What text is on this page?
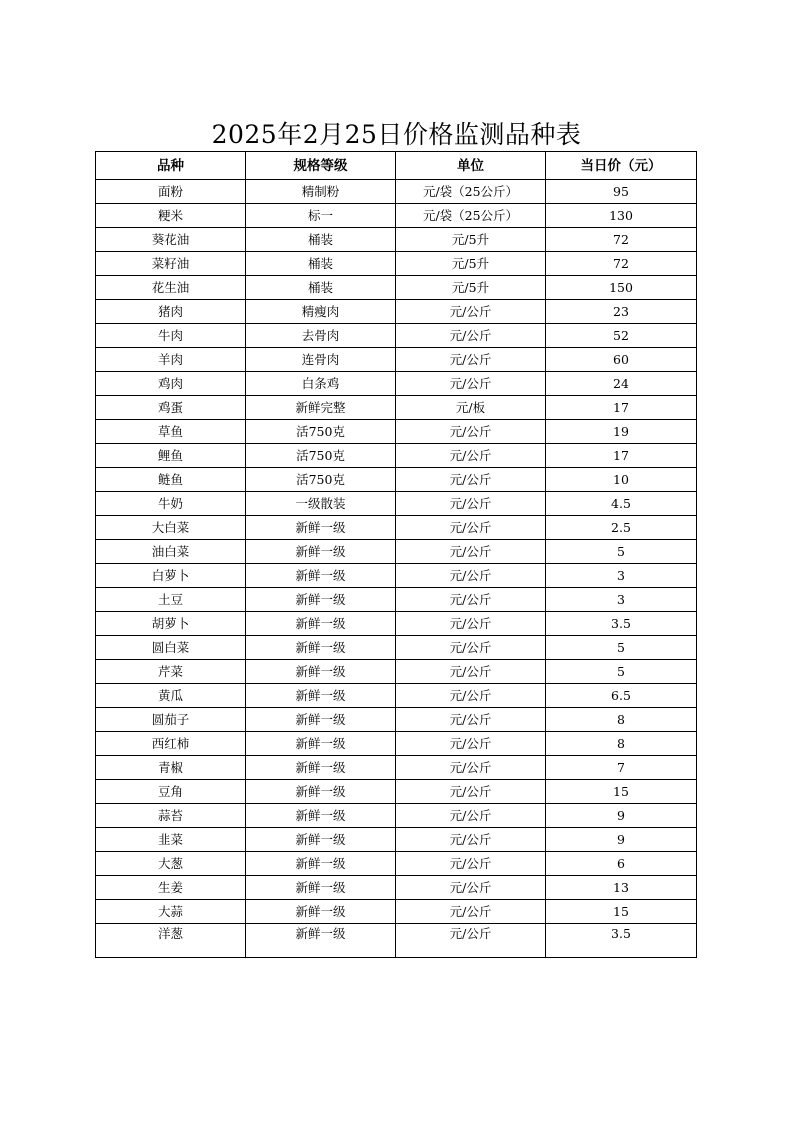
2025年2月25日价格监测品种表
品种	规格等级	单位	当日价（元）
面粉	精制粉	元/袋（25公斤）	95
粳米	标一	元/袋（25公斤）	130
葵花油	桶装	元/5升	72
菜籽油	桶装	元/5升	72
花生油	桶装	元/5升	150
猪肉	精瘦肉	元/公斤	23
牛肉	去骨肉	元/公斤	52
羊肉	连骨肉	元/公斤	60
鸡肉	白条鸡	元/公斤	24
鸡蛋	新鲜完整	元/板	17
草鱼	活750克	元/公斤	19
鲤鱼	活750克	元/公斤	17
鲢鱼	活750克	元/公斤	10
牛奶	一级散装	元/公斤	4.5
大白菜	新鲜一级	元/公斤	2.5
油白菜	新鲜一级	元/公斤	5
白萝卜	新鲜一级	元/公斤	3
土豆	新鲜一级	元/公斤	3
胡萝卜	新鲜一级	元/公斤	3.5
圆白菜	新鲜一级	元/公斤	5
芹菜	新鲜一级	元/公斤	5
黄瓜	新鲜一级	元/公斤	6.5
圆茄子	新鲜一级	元/公斤	8
西红柿	新鲜一级	元/公斤	8
青椒	新鲜一级	元/公斤	7
豆角	新鲜一级	元/公斤	15
蒜苔	新鲜一级	元/公斤	9
韭菜	新鲜一级	元/公斤	9
大葱	新鲜一级	元/公斤	6
生姜	新鲜一级	元/公斤	13
大蒜	新鲜一级	元/公斤	15
洋葱	新鲜一级	元/公斤	3.5
